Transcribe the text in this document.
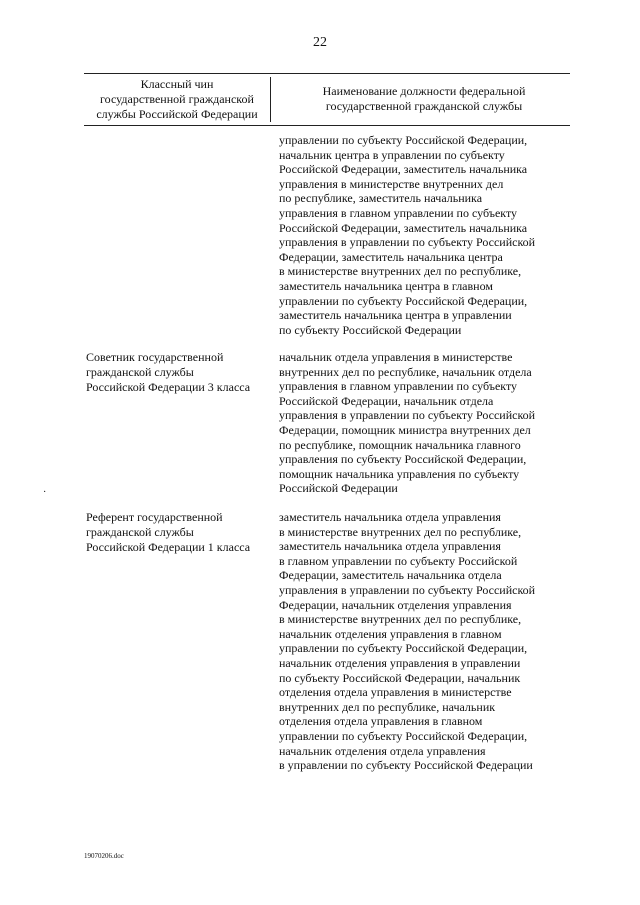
22
Классный чин
государственной гражданской
службы Российской Федерации
Наименование должности федеральной
государственной гражданской службы
управлении по субъекту Российской Федерации,
начальник центра в управлении по субъекту
Российской Федерации, заместитель начальника
управления в министерстве внутренних дел
по республике, заместитель начальника
управления в главном управлении по субъекту
Российской Федерации, заместитель начальника
управления в управлении по субъекту Российской
Федерации, заместитель начальника центра
в министерстве внутренних дел по республике,
заместитель начальника центра в главном
управлении по субъекту Российской Федерации,
заместитель начальника центра в управлении
по субъекту Российской Федерации
Советник государственной
гражданской службы
Российской Федерации 3 класса
начальник отдела управления в министерстве
внутренних дел по республике, начальник отдела
управления в главном управлении по субъекту
Российской Федерации, начальник отдела
управления в управлении по субъекту Российской
Федерации, помощник министра внутренних дел
по республике, помощник начальника главного
управления по субъекту Российской Федерации,
помощник начальника управления по субъекту
Российской Федерации
Референт государственной
гражданской службы
Российской Федерации 1 класса
заместитель начальника отдела управления
в министерстве внутренних дел по республике,
заместитель начальника отдела управления
в главном управлении по субъекту Российской
Федерации, заместитель начальника отдела
управления в управлении по субъекту Российской
Федерации, начальник отделения управления
в министерстве внутренних дел по республике,
начальник отделения управления в главном
управлении по субъекту Российской Федерации,
начальник отделения управления в управлении
по субъекту Российской Федерации, начальник
отделения отдела управления в министерстве
внутренних дел по республике, начальник
отделения отдела управления в главном
управлении по субъекту Российской Федерации,
начальник отделения отдела управления
в управлении по субъекту Российской Федерации
·
19070206.doc
